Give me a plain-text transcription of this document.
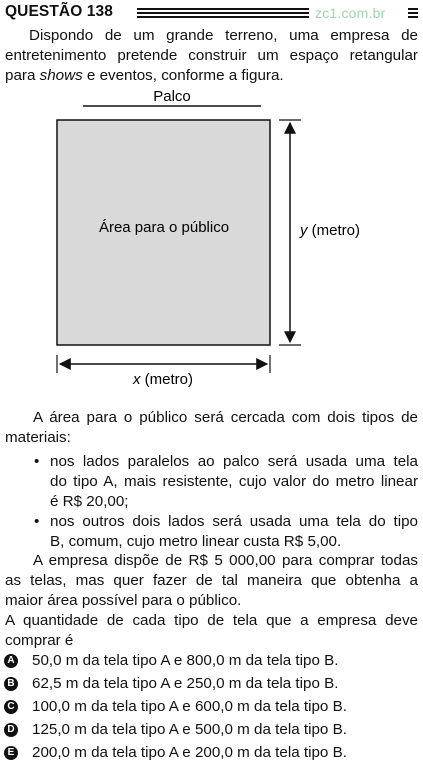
QUESTÃO 138	zc1.com.br
Dispondo de um grande terreno, uma empresa de
entretenimento pretende construir um espaço retangular
para shows e eventos, conforme a figura.
Palco
Área para o público	y (metro)
x (metro)
A área para o público será cercada com dois tipos de
materiais:
• nos lados paralelos ao palco será usada uma tela
do tipo A, mais resistente, cujo valor do metro linear
é R$ 20,00;
• nos outros dois lados será usada uma tela do tipo
B, comum, cujo metro linear custa R$ 5,00.
A empresa dispõe de R$ 5 000,00 para comprar todas
as telas, mas quer fazer de tal maneira que obtenha a
maior área possível para o público.
A quantidade de cada tipo de tela que a empresa deve
comprar é
A 50,0 m da tela tipo A e 800,0 m da tela tipo B.
B 62,5 m da tela tipo A e 250,0 m da tela tipo B.
C 100,0 m da tela tipo A e 600,0 m da tela tipo B.
D 125,0 m da tela tipo A e 500,0 m da tela tipo B.
E 200,0 m da tela tipo A e 200,0 m da tela tipo B.
